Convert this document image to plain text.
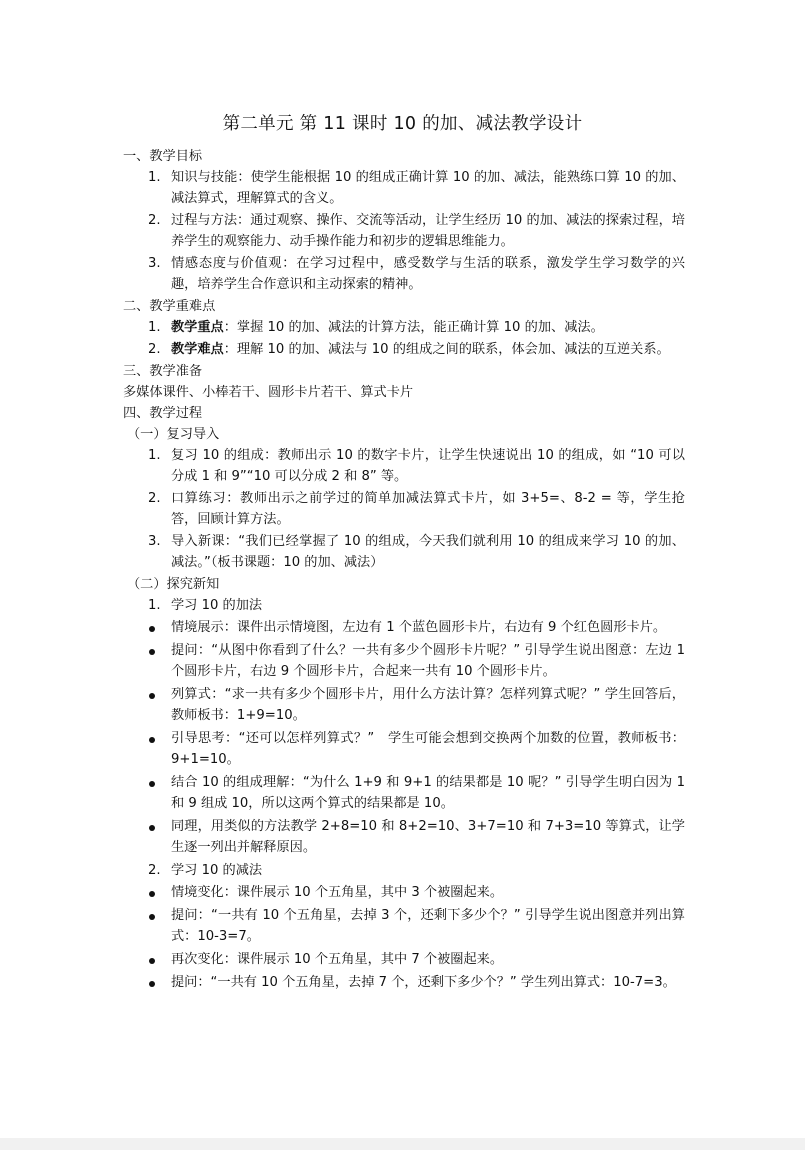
第二单元 第 11 课时 10 的加、减法教学设计
一、教学目标
1. 知识与技能：使学生能根据 10 的组成正确计算 10 的加、减法，能熟练口算 10 的加、减法算式，理解算式的含义。
2. 过程与方法：通过观察、操作、交流等活动，让学生经历 10 的加、减法的探索过程，培养学生的观察能力、动手操作能力和初步的逻辑思维能力。
3. 情感态度与价值观：在学习过程中，感受数学与生活的联系，激发学生学习数学的兴趣，培养学生合作意识和主动探索的精神。
二、教学重难点
1. 教学重点：掌握 10 的加、减法的计算方法，能正确计算 10 的加、减法。
2. 教学难点：理解 10 的加、减法与 10 的组成之间的联系，体会加、减法的互逆关系。
三、教学准备
多媒体课件、小棒若干、圆形卡片若干、算式卡片
四、教学过程
（一）复习导入
1. 复习 10 的组成：教师出示 10 的数字卡片，让学生快速说出 10 的组成，如 “10 可以分成 1 和 9”“10 可以分成 2 和 8” 等。
2. 口算练习：教师出示之前学过的简单加减法算式卡片，如 3+5=、8-2 = 等，学生抢答，回顾计算方法。
3. 导入新课：“我们已经掌握了 10 的组成，今天我们就利用 10 的组成来学习 10 的加、减法。”（板书课题：10 的加、减法）
（二）探究新知
1. 学习 10 的加法
情境展示：课件出示情境图，左边有 1 个蓝色圆形卡片，右边有 9 个红色圆形卡片。
提问：“从图中你看到了什么？一共有多少个圆形卡片呢？” 引导学生说出图意：左边 1 个圆形卡片，右边 9 个圆形卡片，合起来一共有 10 个圆形卡片。
列算式：“求一共有多少个圆形卡片，用什么方法计算？怎样列算式呢？” 学生回答后，教师板书：1+9=10。
引导思考：“还可以怎样列算式？”　学生可能会想到交换两个加数的位置，教师板书：9+1=10。
结合 10 的组成理解：“为什么 1+9 和 9+1 的结果都是 10 呢？” 引导学生明白因为 1 和 9 组成 10，所以这两个算式的结果都是 10。
同理，用类似的方法教学 2+8=10 和 8+2=10、3+7=10 和 7+3=10 等算式，让学生逐一列出并解释原因。
2. 学习 10 的减法
情境变化：课件展示 10 个五角星，其中 3 个被圈起来。
提问：“一共有 10 个五角星，去掉 3 个，还剩下多少个？” 引导学生说出图意并列出算式：10-3=7。
再次变化：课件展示 10 个五角星，其中 7 个被圈起来。
提问：“一共有 10 个五角星，去掉 7 个，还剩下多少个？” 学生列出算式：10-7=3。
